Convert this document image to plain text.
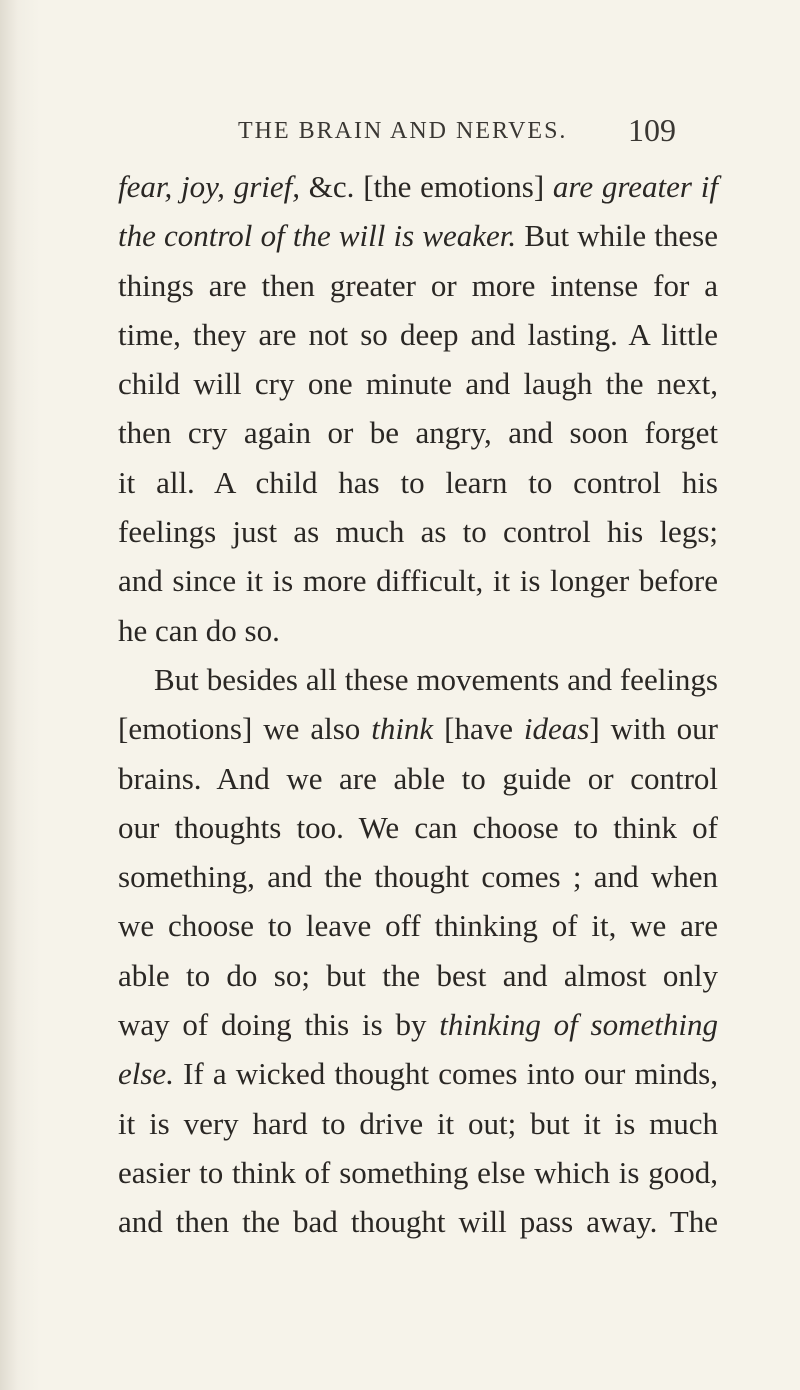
THE BRAIN AND NERVES. 109
fear, joy, grief, &c. [the emotions] are greater if
the control of the will is weaker. But while these
things are then greater or more intense for a
time, they are not so deep and lasting. A little
child will cry one minute and laugh the next,
then cry again or be angry, and soon forget
it all. A child has to learn to control his
feelings just as much as to control his legs;
and since it is more difficult, it is longer before
he can do so.
But besides all these movements and feelings
[emotions] we also think [have ideas] with our
brains. And we are able to guide or control
our thoughts too. We can choose to think of
something, and the thought comes ; and when
we choose to leave off thinking of it, we are
able to do so; but the best and almost only
way of doing this is by thinking of something
else. If a wicked thought comes into our minds,
it is very hard to drive it out; but it is much
easier to think of something else which is good,
and then the bad thought will pass away. The
